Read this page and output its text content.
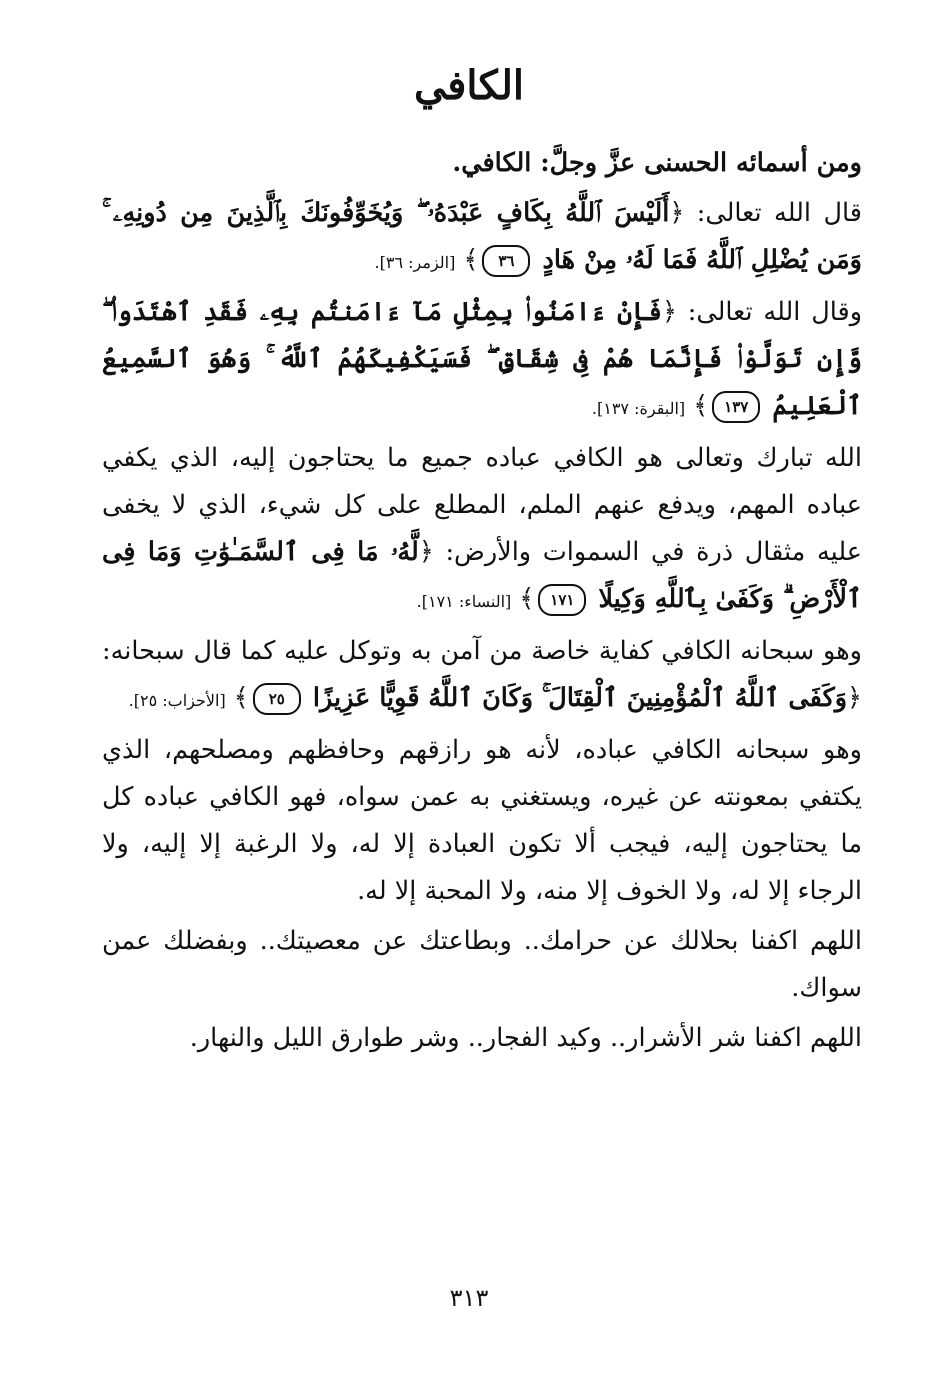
الكافي

ومن أسمائه الحسنى عزَّ وجلَّ: الكافي.

قال الله تعالى: ﴿أَلَيْسَ ٱللَّهُ بِكَافٍ عَبْدَهُۥ ۖ وَيُخَوِّفُونَكَ بِٱلَّذِينَ مِن دُونِهِۦ ۚ وَمَن يُضْلِلِ ٱللَّهُ فَمَا لَهُۥ مِنْ هَادٍ ٣٦﴾ [الزمر: ٣٦].

وقال الله تعالى: ﴿فَإِنْ ءَامَنُوا۟ بِمِثْلِ مَآ ءَامَنتُم بِهِۦ فَقَدِ ٱهْتَدَوا۟ ۖ وَّإِن تَوَلَّوْا۟ فَإِنَّمَا هُمْ فِى شِقَاقٍ ۖ فَسَيَكْفِيكَهُمُ ٱللَّهُ ۚ وَهُوَ ٱلسَّمِيعُ ٱلْعَلِيمُ ١٣٧﴾ [البقرة: ١٣٧].

الله تبارك وتعالى هو الكافي عباده جميع ما يحتاجون إليه، الذي يكفي عباده المهم، ويدفع عنهم الملم، المطلع على كل شيء، الذي لا يخفى عليه مثقال ذرة في السموات والأرض: ﴿لَّهُۥ مَا فِى ٱلسَّمَـٰوَٰتِ وَمَا فِى ٱلْأَرْضِ ۗ وَكَفَىٰ بِٱللَّهِ وَكِيلًا ١٧١﴾ [النساء: ١٧١].

وهو سبحانه الكافي كفاية خاصة من آمن به وتوكل عليه كما قال سبحانه: ﴿وَكَفَى ٱللَّهُ ٱلْمُؤْمِنِينَ ٱلْقِتَالَ ۚ وَكَانَ ٱللَّهُ قَوِيًّا عَزِيزًا ٢٥﴾ [الأحزاب: ٢٥].

وهو سبحانه الكافي عباده، لأنه هو رازقهم وحافظهم ومصلحهم، الذي يكتفي بمعونته عن غيره، ويستغني به عمن سواه، فهو الكافي عباده كل ما يحتاجون إليه، فيجب ألا تكون العبادة إلا له، ولا الرغبة إلا إليه، ولا الرجاء إلا له، ولا الخوف إلا منه، ولا المحبة إلا له.

اللهم اكفنا بحلالك عن حرامك.. وبطاعتك عن معصيتك.. وبفضلك عمن سواك.

اللهم اكفنا شر الأشرار.. وكيد الفجار.. وشر طوارق الليل والنهار.

٣١٣
